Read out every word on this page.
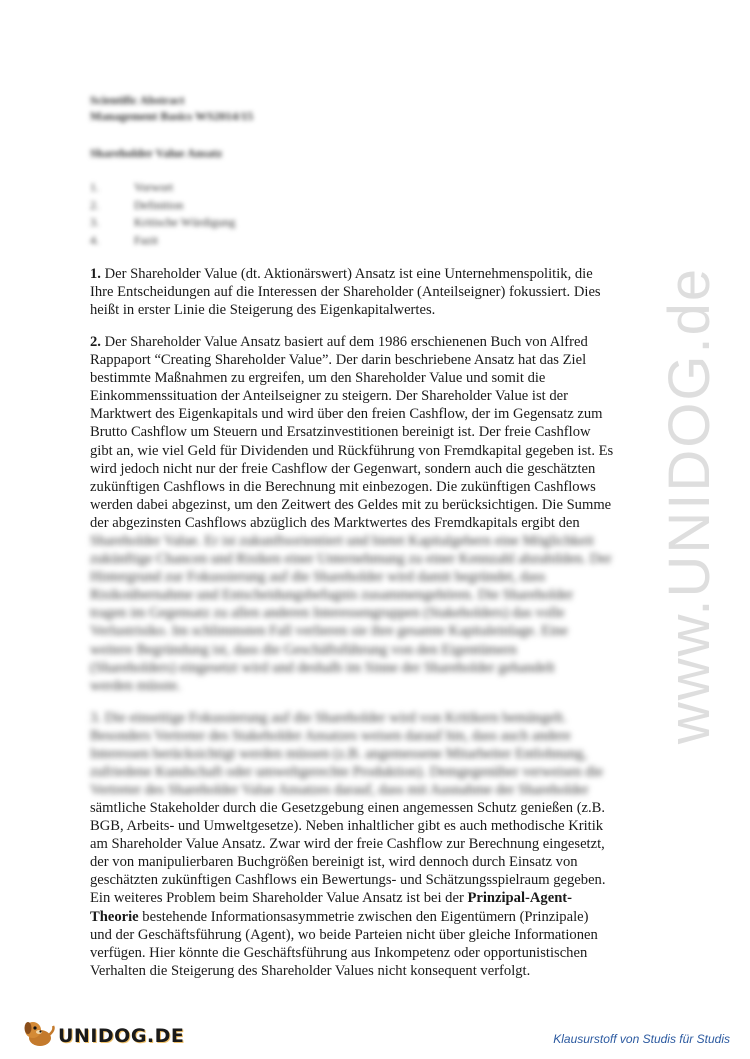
www.UNIDOG.de
Scientific Abstract
Management Basics WS2014/15
Shareholder Value Ansatz
1.	Vorwort
2.	Definition
3.	Kritische Würdigung
4.	Fazit
1. Der Shareholder Value (dt. Aktionärswert) Ansatz ist eine Unternehmenspolitik, die
Ihre Entscheidungen auf die Interessen der Shareholder (Anteilseigner) fokussiert. Dies
heißt in erster Linie die Steigerung des Eigenkapitalwertes.
2. Der Shareholder Value Ansatz basiert auf dem 1986 erschienenen Buch von Alfred
Rappaport “Creating Shareholder Value”. Der darin beschriebene Ansatz hat das Ziel
bestimmte Maßnahmen zu ergreifen, um den Shareholder Value und somit die
Einkommenssituation der Anteilseigner zu steigern. Der Shareholder Value ist der
Marktwert des Eigenkapitals und wird über den freien Cashflow, der im Gegensatz zum
Brutto Cashflow um Steuern und Ersatzinvestitionen bereinigt ist. Der freie Cashflow
gibt an, wie viel Geld für Dividenden und Rückführung von Fremdkapital gegeben ist. Es
wird jedoch nicht nur der freie Cashflow der Gegenwart, sondern auch die geschätzten
zukünftigen Cashflows in die Berechnung mit einbezogen. Die zukünftigen Cashflows
werden dabei abgezinst, um den Zeitwert des Geldes mit zu berücksichtigen. Die Summe
der abgezinsten Cashflows abzüglich des Marktwertes des Fremdkapitals ergibt den
Shareholder Value. Er ist zukunftsorientiert und bietet Kapitalgebern eine Möglichkeit
zukünftige Chancen und Risiken einer Unternehmung zu einer Kennzahl abzubilden. Der
Hintergrund zur Fokussierung auf die Shareholder wird damit begründet, dass
Risikoübernahme und Entscheidungsbefugnis zusammengehören. Die Shareholder
tragen im Gegensatz zu allen anderen Interessengruppen (Stakeholders) das volle
Verlustrisiko. Im schlimmsten Fall verlieren sie ihre gesamte Kapitaleinlage. Eine
weitere Begründung ist, dass die Geschäftsführung von den Eigentümern
(Shareholders) eingesetzt wird und deshalb im Sinne der Shareholder gehandelt
werden müsste.
3. Die einseitige Fokussierung auf die Shareholder wird von Kritikern bemängelt.
Besonders Vertreter des Stakeholder Ansatzes weisen darauf hin, dass auch andere
Interessen berücksichtigt werden müssen (z.B. angemessene Mitarbeiter Entlohnung,
zufriedene Kundschaft oder umweltgerechte Produktion). Demgegenüber verweisen die
Vertreter des Shareholder Value Ansatzes darauf, dass mit Ausnahme der Shareholder
sämtliche Stakeholder durch die Gesetzgebung einen angemessen Schutz genießen (z.B.
BGB, Arbeits- und Umweltgesetze). Neben inhaltlicher gibt es auch methodische Kritik
am Shareholder Value Ansatz. Zwar wird der freie Cashflow zur Berechnung eingesetzt,
der von manipulierbaren Buchgrößen bereinigt ist, wird dennoch durch Einsatz von
geschätzten zukünftigen Cashflows ein Bewertungs- und Schätzungsspielraum gegeben.
Ein weiteres Problem beim Shareholder Value Ansatz ist bei der Prinzipal-Agent-
Theorie bestehende Informationsasymmetrie zwischen den Eigentümern (Prinzipale)
und der Geschäftsführung (Agent), wo beide Parteien nicht über gleiche Informationen
verfügen. Hier könnte die Geschäftsführung aus Inkompetenz oder opportunistischen
Verhalten die Steigerung des Shareholder Values nicht konsequent verfolgt.
UNIDOG.DE	Klausurstoff von Studis für Studis
